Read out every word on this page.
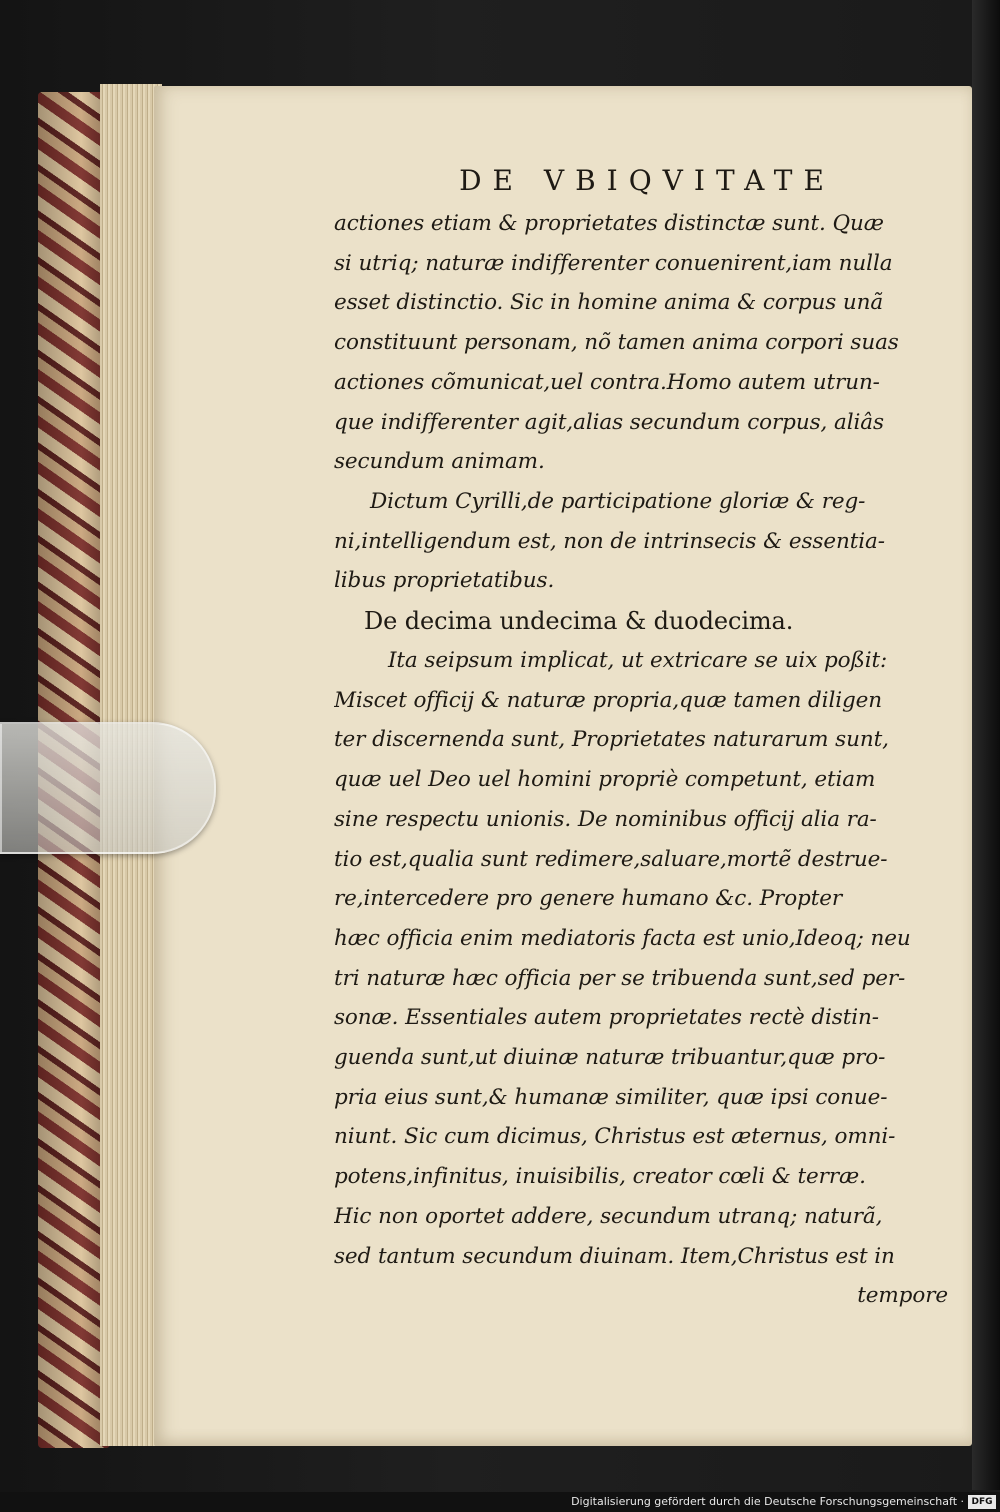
DE VBIQVITATE
actiones etiam & proprietates distinctæ sunt. Quæ
si utriq; naturæ indifferenter conuenirent,iam nulla
esset distinctio. Sic in homine anima & corpus unã
constituunt personam, nõ tamen anima corpori suas
actiones cõmunicat,uel contra.Homo autem utrun-
que indifferenter agit,alias secundum corpus, aliâs
secundum animam.
Dictum Cyrilli,de participatione gloriæ & reg-
ni,intelligendum est, non de intrinsecis & essentia-
libus proprietatibus.
De decima undecima & duodecima.
Ita seipsum implicat, ut extricare se uix poßit:
Miscet officij & naturæ propria,quæ tamen diligen
ter discernenda sunt, Proprietates naturarum sunt,
quæ uel Deo uel homini propriè competunt, etiam
sine respectu unionis. De nominibus officij alia ra-
tio est,qualia sunt redimere,saluare,mortẽ destrue-
re,intercedere pro genere humano &c. Propter
hæc officia enim mediatoris facta est unio,Ideoq; neu
tri naturæ hæc officia per se tribuenda sunt,sed per-
sonæ. Essentiales autem proprietates rectè distin-
guenda sunt,ut diuinæ naturæ tribuantur,quæ pro-
pria eius sunt,& humanæ similiter, quæ ipsi conue-
niunt. Sic cum dicimus, Christus est æternus, omni-
potens,infinitus, inuisibilis, creator cœli & terræ.
Hic non oportet addere, secundum utranq; naturã,
sed tantum secundum diuinam. Item,Christus est in
tempore
Digitalisierung gefördert durch die Deutsche Forschungsgemeinschaft · DFG
